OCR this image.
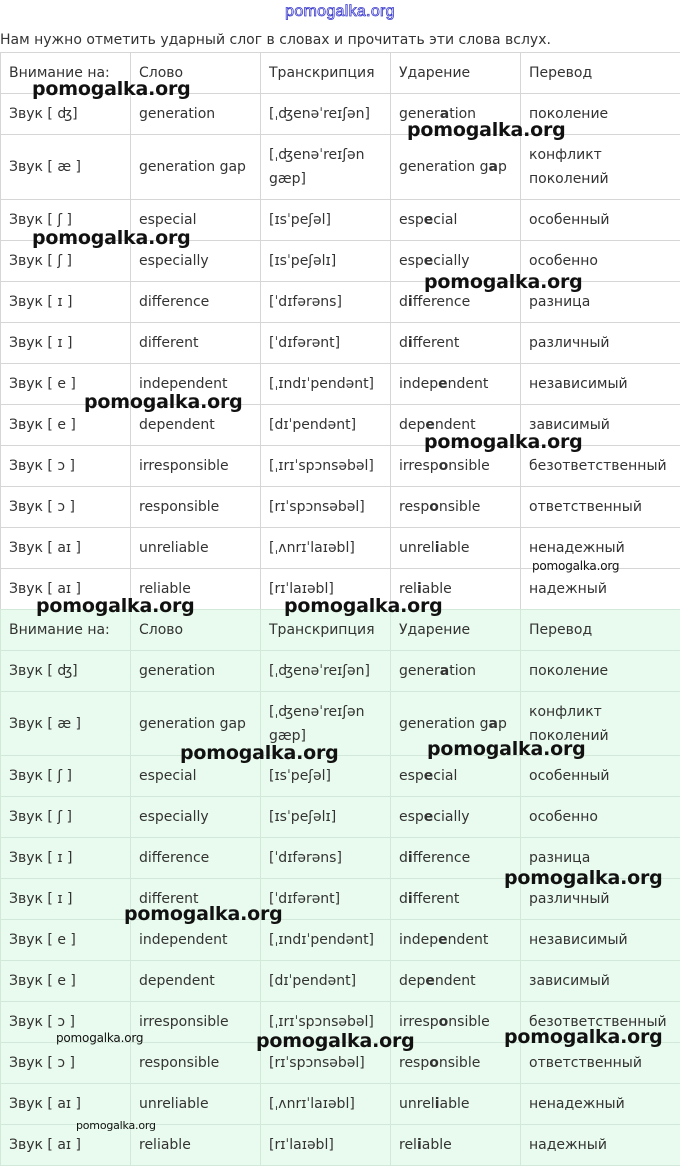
pomogalka.org
Нам нужно отметить ударный слог в словах и прочитать эти слова вслух.
Внимание на:	Слово	Транскрипция	Ударение	Перевод
Звук [ ʤ]	generation	[ˌʤenəˈreɪʃən]	generation	поколение
Звук [ æ ]	generation gap	[ˌʤenəˈreɪʃən gæp]	generation gap	конфликт поколений
Звук [ ʃ ]	especial	[ɪsˈpeʃəl]	especial	особенный
Звук [ ʃ ]	especially	[ɪsˈpeʃəlɪ]	especially	особенно
Звук [ ɪ ]	difference	[ˈdɪfərəns]	difference	разница
Звук [ ɪ ]	different	[ˈdɪfərənt]	different	различный
Звук [ e ]	independent	[ˌɪndɪˈpendənt]	independent	независимый
Звук [ e ]	dependent	[dɪˈpendənt]	dependent	зависимый
Звук [ ɔ ]	irresponsible	[ˌɪrɪˈspɔnsəbəl]	irresponsible	безответственный
Звук [ ɔ ]	responsible	[rɪˈspɔnsəbəl]	responsible	ответственный
Звук [ aɪ ]	unreliable	[ˌʌnrɪˈlaɪəbl]	unreliable	ненадежный
Звук [ aɪ ]	reliable	[rɪˈlaɪəbl]	reliable	надежный
Внимание на:	Слово	Транскрипция	Ударение	Перевод
Звук [ ʤ]	generation	[ˌʤenəˈreɪʃən]	generation	поколение
Звук [ æ ]	generation gap	[ˌʤenəˈreɪʃən gæp]	generation gap	конфликт поколений
Звук [ ʃ ]	especial	[ɪsˈpeʃəl]	especial	особенный
Звук [ ʃ ]	especially	[ɪsˈpeʃəlɪ]	especially	особенно
Звук [ ɪ ]	difference	[ˈdɪfərəns]	difference	разница
Звук [ ɪ ]	different	[ˈdɪfərənt]	different	различный
Звук [ e ]	independent	[ˌɪndɪˈpendənt]	independent	независимый
Звук [ e ]	dependent	[dɪˈpendənt]	dependent	зависимый
Звук [ ɔ ]	irresponsible	[ˌɪrɪˈspɔnsəbəl]	irresponsible	безответственный
Звук [ ɔ ]	responsible	[rɪˈspɔnsəbəl]	responsible	ответственный
Звук [ aɪ ]	unreliable	[ˌʌnrɪˈlaɪəbl]	unreliable	ненадежный
Звук [ aɪ ]	reliable	[rɪˈlaɪəbl]	reliable	надежный
pomogalka.org
pomogalka.org
pomogalka.org
pomogalka.org
pomogalka.org
pomogalka.org
pomogalka.org
pomogalka.org	pomogalka.org
pomogalka.org	pomogalka.org
pomogalka.org
pomogalka.org
pomogalka.org	pomogalka.org	pomogalka.org
pomogalka.org
